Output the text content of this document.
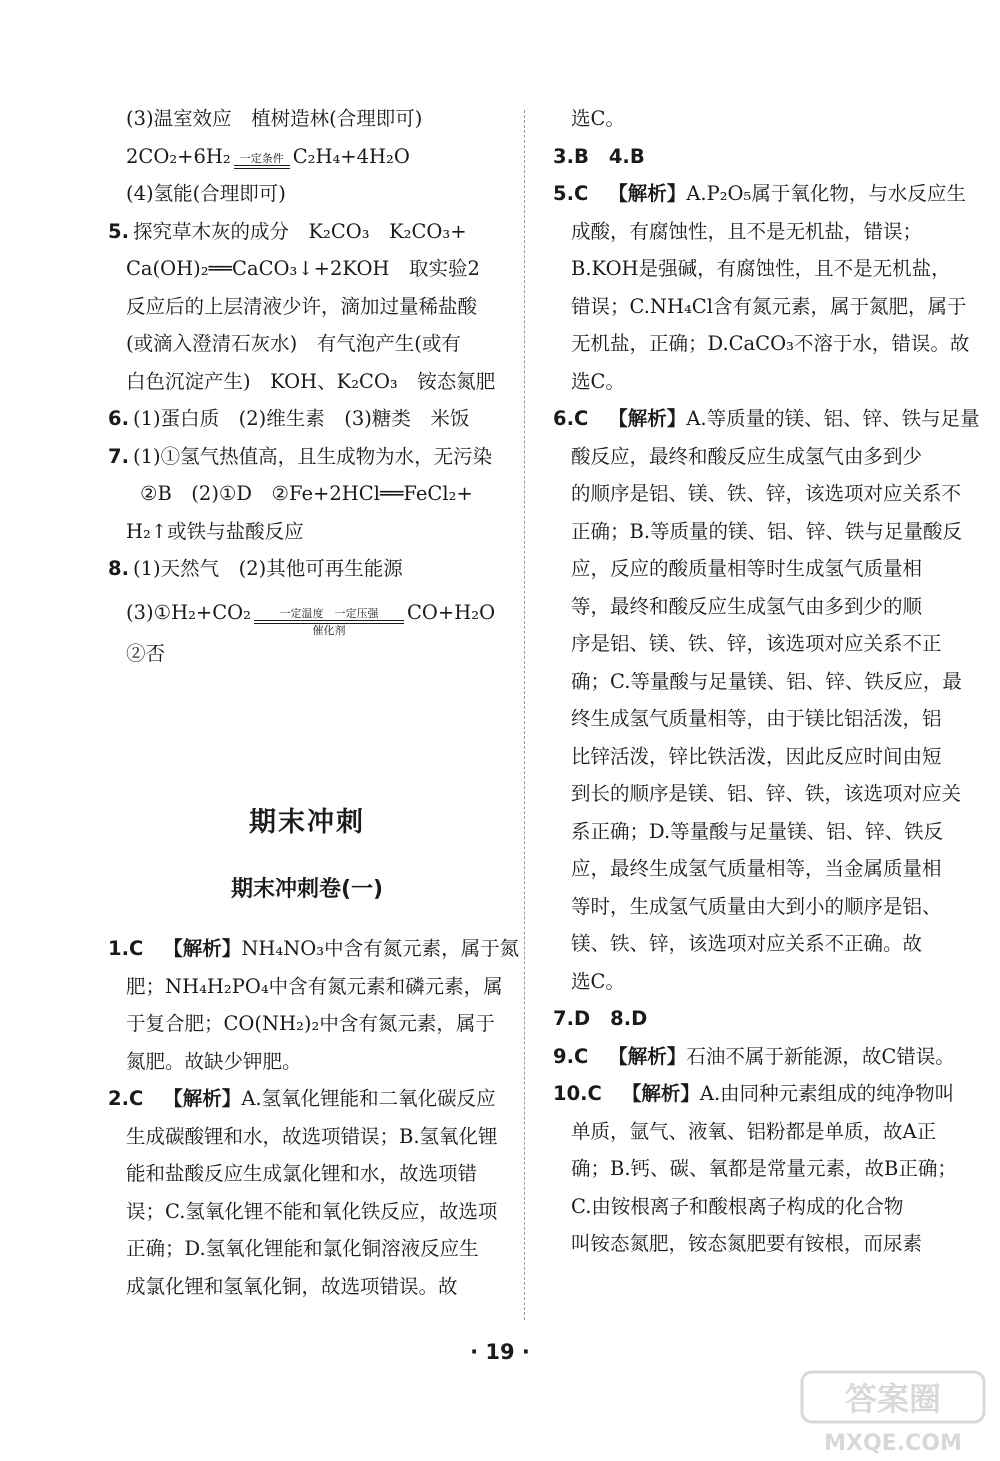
(3)温室效应　植树造林(合理即可)
2CO₂+6H₂ 一定条件 C₂H₄+4H₂O
(4)氢能(合理即可)
5. 探究草木灰的成分　K₂CO₃　K₂CO₃+
Ca(OH)₂══CaCO₃↓+2KOH　取实验2
反应后的上层清液少许，滴加过量稀盐酸
(或滴入澄清石灰水)　有气泡产生(或有
白色沉淀产生)　KOH、K₂CO₃　铵态氮肥
6. (1)蛋白质　(2)维生素　(3)糖类　米饭
7. (1)①氢气热值高，且生成物为水，无污染
②B　(2)①D　②Fe+2HCl══FeCl₂+
H₂↑或铁与盐酸反应
8. (1)天然气　(2)其他可再生能源
(3)①H₂+CO₂	一定温度　一定压强
催化剂
CO+H₂O
②否
期末冲刺
期末冲刺卷(一)
1.C 【解析】NH₄NO₃中含有氮元素，属于氮
肥；NH₄H₂PO₄中含有氮元素和磷元素，属
于复合肥；CO(NH₂)₂中含有氮元素，属于
氮肥。故缺少钾肥。
2.C 【解析】A.氢氧化锂能和二氧化碳反应
生成碳酸锂和水，故选项错误；B.氢氧化锂
能和盐酸反应生成氯化锂和水，故选项错
误；C.氢氧化锂不能和氧化铁反应，故选项
正确；D.氢氧化锂能和氯化铜溶液反应生
成氯化锂和氢氧化铜，故选项错误。故
选C。
3.B 4.B
5.C 【解析】A.P₂O₅属于氧化物，与水反应生
成酸，有腐蚀性，且不是无机盐，错误；
B.KOH是强碱，有腐蚀性，且不是无机盐，
错误；C.NH₄Cl含有氮元素，属于氮肥，属于
无机盐，正确；D.CaCO₃不溶于水，错误。故
选C。
6.C 【解析】A.等质量的镁、铝、锌、铁与足量
酸反应，最终和酸反应生成氢气由多到少
的顺序是铝、镁、铁、锌，该选项对应关系不
正确；B.等质量的镁、铝、锌、铁与足量酸反
应，反应的酸质量相等时生成氢气质量相
等，最终和酸反应生成氢气由多到少的顺
序是铝、镁、铁、锌，该选项对应关系不正
确；C.等量酸与足量镁、铝、锌、铁反应，最
终生成氢气质量相等，由于镁比铝活泼，铝
比锌活泼，锌比铁活泼，因此反应时间由短
到长的顺序是镁、铝、锌、铁，该选项对应关
系正确；D.等量酸与足量镁、铝、锌、铁反
应，最终生成氢气质量相等，当金属质量相
等时，生成氢气质量由大到小的顺序是铝、
镁、铁、锌，该选项对应关系不正确。故
选C。
7.D 8.D
9.C 【解析】石油不属于新能源，故C错误。
10.C 【解析】A.由同种元素组成的纯净物叫
单质，氩气、液氧、铝粉都是单质，故A正
确；B.钙、碳、氧都是常量元素，故B正确；
C.由铵根离子和酸根离子构成的化合物
叫铵态氮肥，铵态氮肥要有铵根，而尿素
· 19 ·
答案圈
MXQE.COM
